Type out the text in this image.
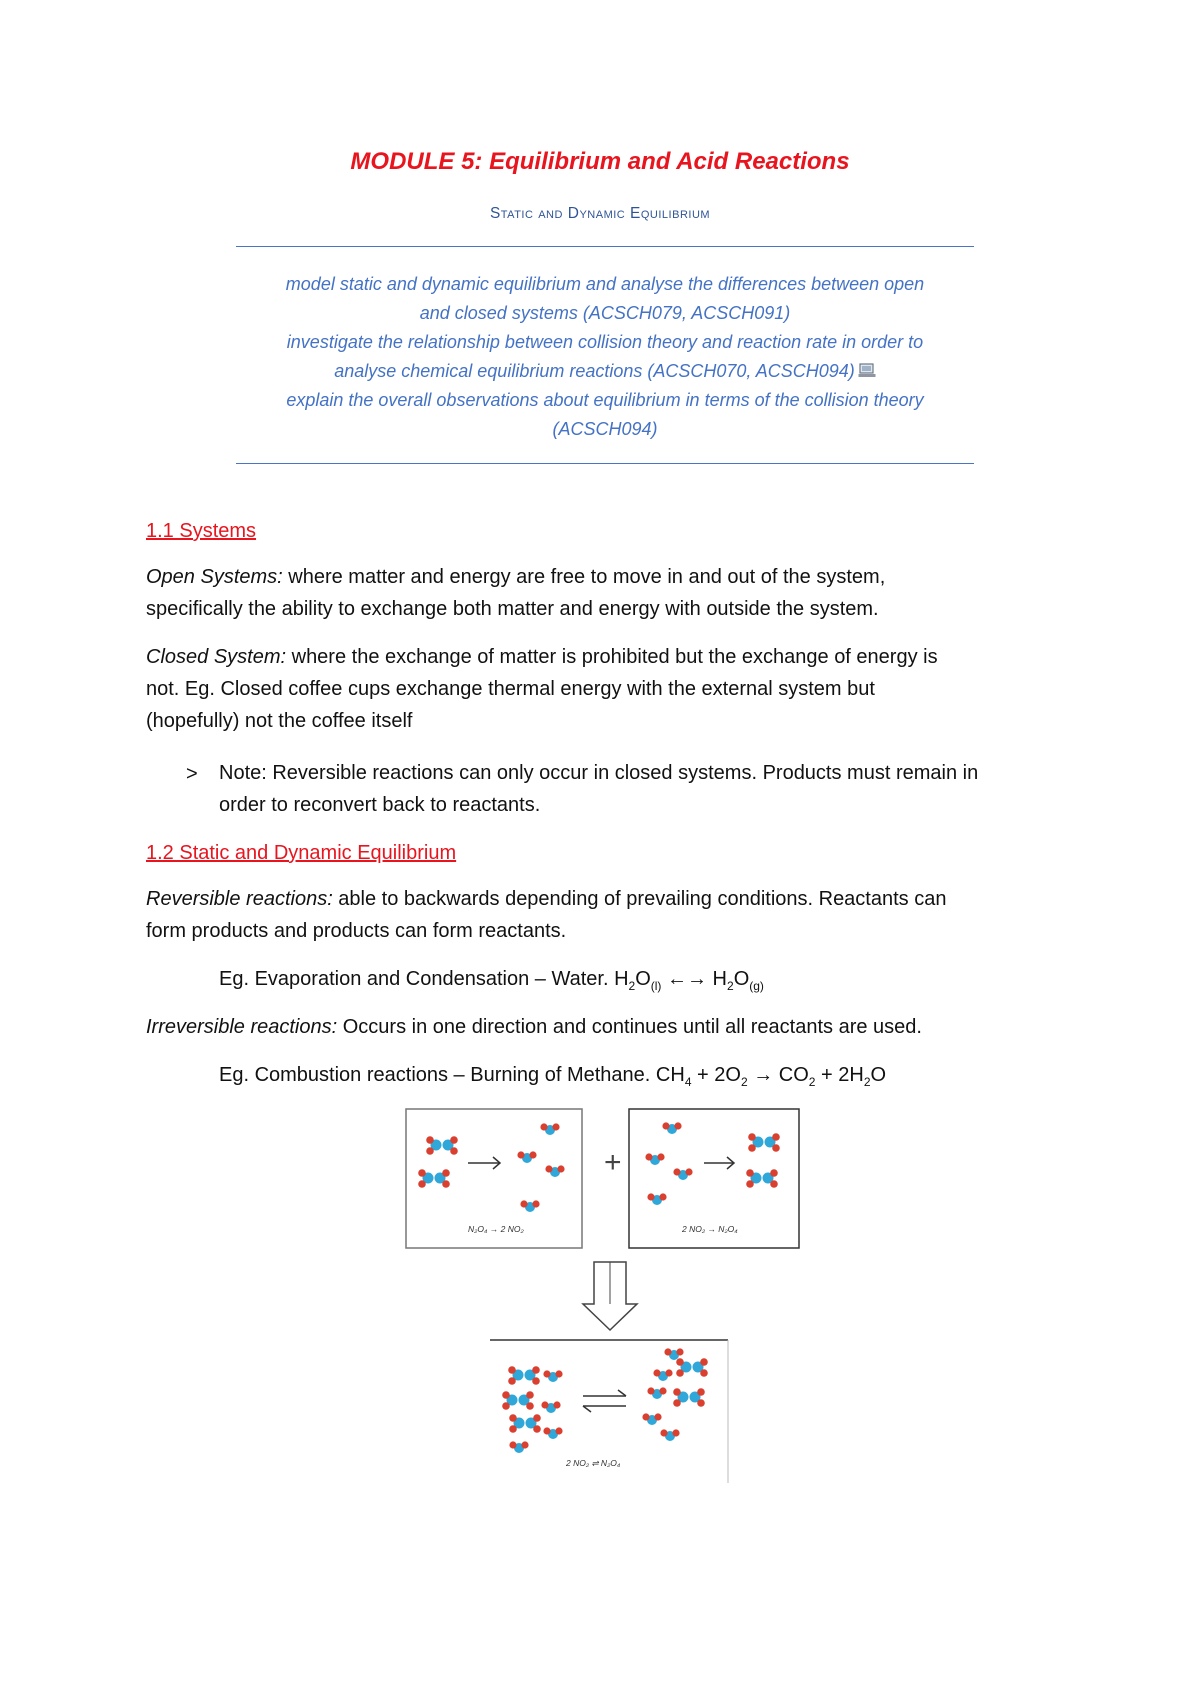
MODULE 5: Equilibrium and Acid Reactions
Static and Dynamic Equilibrium
model static and dynamic equilibrium and analyse the differences between open
and closed systems (ACSCH079, ACSCH091)
investigate the relationship between collision theory and reaction rate in order to
analyse chemical equilibrium reactions (ACSCH070, ACSCH094)
explain the overall observations about equilibrium in terms of the collision theory
(ACSCH094)
1.1 Systems
Open Systems: where matter and energy are free to move in and out of the system,
specifically the ability to exchange both matter and energy with outside the system.
Closed System: where the exchange of matter is prohibited but the exchange of energy is
not. Eg. Closed coffee cups exchange thermal energy with the external system but
(hopefully) not the coffee itself
> Note: Reversible reactions can only occur in closed systems. Products must remain in
order to reconvert back to reactants.
1.2 Static and Dynamic Equilibrium
Reversible reactions: able to backwards depending of prevailing conditions. Reactants can
form products and products can form reactants.
Eg. Evaporation and Condensation – Water. $H_2O_{(l)}$ ←→ $H_2O_{(g)}$
Irreversible reactions: Occurs in one direction and continues until all reactants are used.
Eg. Combustion reactions – Burning of Methane. $CH_4 + 2O_2 \to CO_2 + 2H_2O$
N₂O₄ → 2 NO₂
+
2 NO₂ → N₂O₄
2 NO₂ ⇌ N₂O₄
